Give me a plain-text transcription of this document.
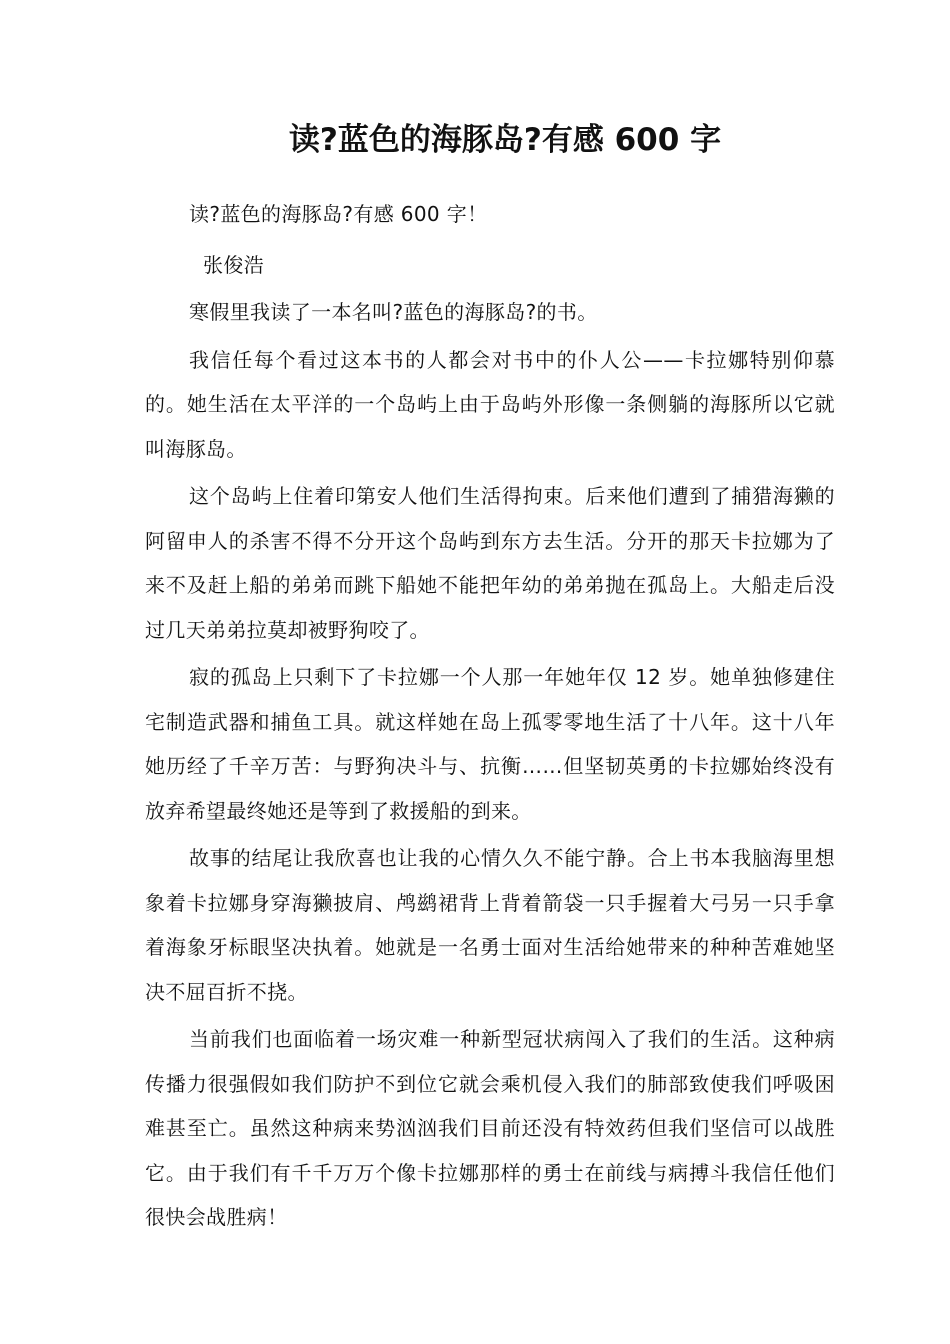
读?蓝色的海豚岛?有感 600 字

读?蓝色的海豚岛?有感 600 字！

张俊浩

寒假里我读了一本名叫?蓝色的海豚岛?的书。

我信任每个看过这本书的人都会对书中的仆人公——卡拉娜特别仰慕的。她生活在太平洋的一个岛屿上由于岛屿外形像一条侧躺的海豚所以它就叫海豚岛。

这个岛屿上住着印第安人他们生活得拘束。后来他们遭到了捕猎海獭的阿留申人的杀害不得不分开这个岛屿到东方去生活。分开的那天卡拉娜为了来不及赶上船的弟弟而跳下船她不能把年幼的弟弟抛在孤岛上。大船走后没过几天弟弟拉莫却被野狗咬了。

寂的孤岛上只剩下了卡拉娜一个人那一年她年仅 12 岁。她单独修建住宅制造武器和捕鱼工具。就这样她在岛上孤零零地生活了十八年。这十八年她历经了千辛万苦：与野狗决斗与、抗衡……但坚韧英勇的卡拉娜始终没有放弃希望最终她还是等到了救援船的到来。

故事的结尾让我欣喜也让我的心情久久不能宁静。合上书本我脑海里想象着卡拉娜身穿海獭披肩、鸬鹚裙背上背着箭袋一只手握着大弓另一只手拿着海象牙标眼坚决执着。她就是一名勇士面对生活给她带来的种种苦难她坚决不屈百折不挠。

当前我们也面临着一场灾难一种新型冠状病闯入了我们的生活。这种病传播力很强假如我们防护不到位它就会乘机侵入我们的肺部致使我们呼吸困难甚至亡。虽然这种病来势汹汹我们目前还没有特效药但我们坚信可以战胜它。由于我们有千千万万个像卡拉娜那样的勇士在前线与病搏斗我信任他们很快会战胜病！
